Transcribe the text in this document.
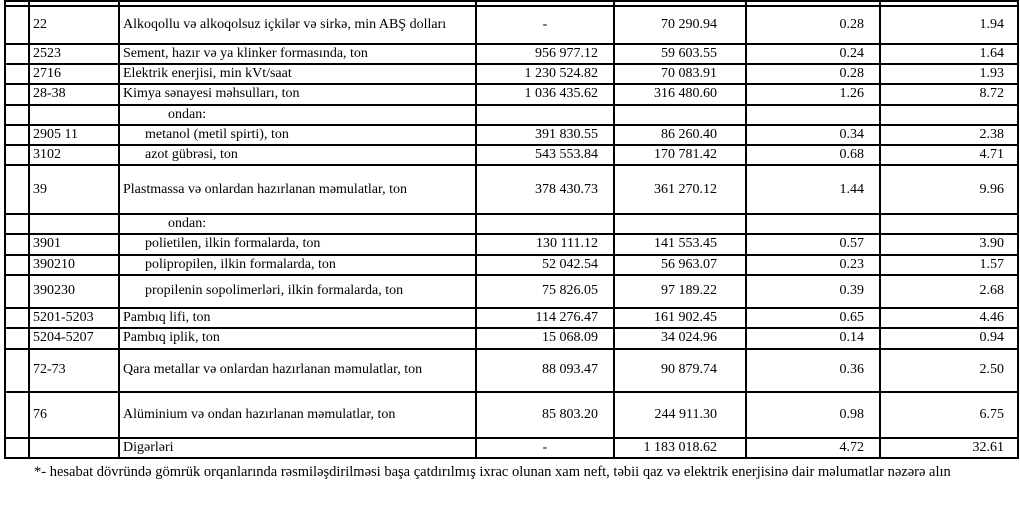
	22	Alkoqollu və alkoqolsuz içkilər və sirkə, min ABŞ dolları	-	70 290.94	0.28	1.94
	2523	Sement, hazır və ya klinker formasında, ton	956 977.12	59 603.55	0.24	1.64
	2716	Elektrik enerjisi, min kVt/saat	1 230 524.82	70 083.91	0.28	1.93
	28-38	Kimya sənayesi məhsulları, ton	1 036 435.62	316 480.60	1.26	8.72
		ondan:				
	2905 11	metanol (metil spirti), ton	391 830.55	86 260.40	0.34	2.38
	3102	azot gübrəsi, ton	543 553.84	170 781.42	0.68	4.71
	39	Plastmassa və onlardan hazırlanan məmulatlar, ton	378 430.73	361 270.12	1.44	9.96
		ondan:				
	3901	polietilen, ilkin formalarda, ton	130 111.12	141 553.45	0.57	3.90
	390210	polipropilen, ilkin formalarda, ton	52 042.54	56 963.07	0.23	1.57
	390230	propilenin sopolimerləri, ilkin formalarda, ton	75 826.05	97 189.22	0.39	2.68
	5201-5203	Pambıq lifi, ton	114 276.47	161 902.45	0.65	4.46
	5204-5207	Pambıq iplik, ton	15 068.09	34 024.96	0.14	0.94
	72-73	Qara metallar və onlardan hazırlanan məmulatlar, ton	88 093.47	90 879.74	0.36	2.50
	76	Alüminium və ondan hazırlanan məmulatlar, ton	85 803.20	244 911.30	0.98	6.75
		Digərləri	-	1 183 018.62	4.72	32.61
*- hesabat dövründə gömrük orqanlarında rəsmiləşdirilməsi başa çatdırılmış ixrac olunan xam neft, təbii qaz və elektrik enerjisinə dair məlumatlar nəzərə alın
